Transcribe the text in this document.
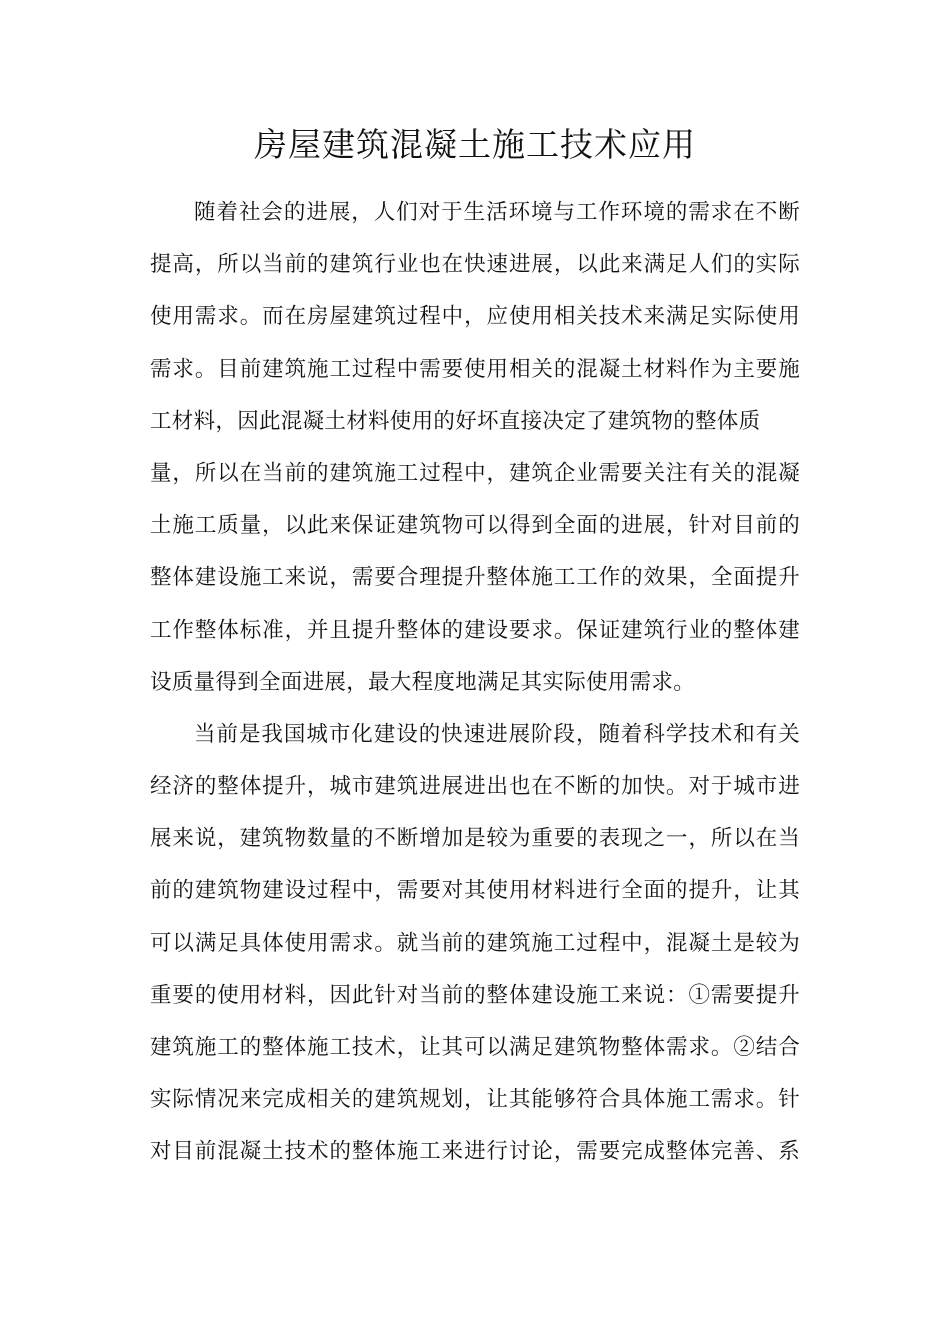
房屋建筑混凝土施工技术应用
随着社会的进展，人们对于生活环境与工作环境的需求在不断
提高，所以当前的建筑行业也在快速进展，以此来满足人们的实际
使用需求。而在房屋建筑过程中，应使用相关技术来满足实际使用
需求。目前建筑施工过程中需要使用相关的混凝土材料作为主要施
工材料，因此混凝土材料使用的好坏直接决定了建筑物的整体质
量，所以在当前的建筑施工过程中，建筑企业需要关注有关的混凝
土施工质量，以此来保证建筑物可以得到全面的进展，针对目前的
整体建设施工来说，需要合理提升整体施工工作的效果，全面提升
工作整体标准，并且提升整体的建设要求。保证建筑行业的整体建
设质量得到全面进展，最大程度地满足其实际使用需求。
当前是我国城市化建设的快速进展阶段，随着科学技术和有关
经济的整体提升，城市建筑进展进出也在不断的加快。对于城市进
展来说，建筑物数量的不断增加是较为重要的表现之一，所以在当
前的建筑物建设过程中，需要对其使用材料进行全面的提升，让其
可以满足具体使用需求。就当前的建筑施工过程中，混凝土是较为
重要的使用材料，因此针对当前的整体建设施工来说：①需要提升
建筑施工的整体施工技术，让其可以满足建筑物整体需求。②结合
实际情况来完成相关的建筑规划，让其能够符合具体施工需求。针
对目前混凝土技术的整体施工来进行讨论，需要完成整体完善、系
